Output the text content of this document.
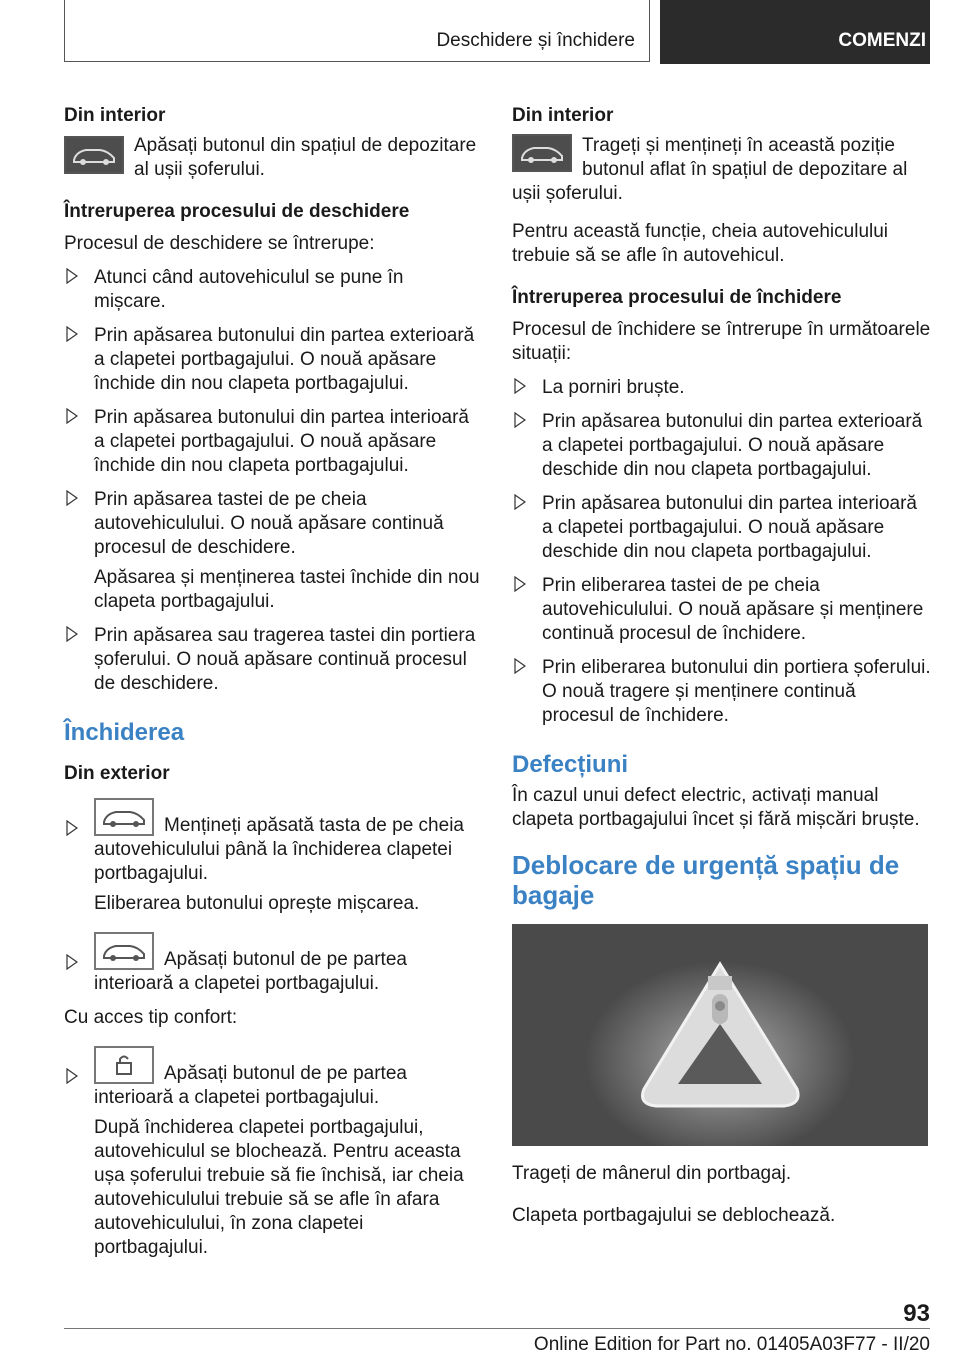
Deschidere și închidere	COMENZI
Din interior
Apăsați butonul din spațiul de depozitare al ușii șoferului.
Întreruperea procesului de deschidere
Procesul de deschidere se întrerupe:
Atunci când autovehiculul se pune în mișcare.
Prin apăsarea butonului din partea exterioară a clapetei portbagajului. O nouă apăsare închide din nou clapeta portbagajului.
Prin apăsarea butonului din partea interioară a clapetei portbagajului. O nouă apăsare închide din nou clapeta portbagajului.
Prin apăsarea tastei de pe cheia autovehiculului. O nouă apăsare continuă procesul de deschidere.
Apăsarea și menținerea tastei închide din nou clapeta portbagajului.
Prin apăsarea sau tragerea tastei din portiera șoferului. O nouă apăsare continuă procesul de deschidere.
Închiderea
Din exterior
Mențineți apăsată tasta de pe cheia autovehiculului până la închiderea clapetei portbagajului.
Eliberarea butonului oprește mișcarea.
Apăsați butonul de pe partea interioară a clapetei portbagajului.
Cu acces tip confort:
Apăsați butonul de pe partea interioară a clapetei portbagajului.
După închiderea clapetei portbagajului, autovehiculul se blochează. Pentru aceasta ușa șoferului trebuie să fie închisă, iar cheia autovehiculului trebuie să se afle în afara autovehiculului, în zona clapetei portbagajului.
Din interior
Trageți și mențineți în această poziție butonul aflat în spațiul de depozitare al ușii șoferului.
Pentru această funcție, cheia autovehiculului trebuie să se afle în autovehicul.
Întreruperea procesului de închidere
Procesul de închidere se întrerupe în următoarele situații:
La porniri bruște.
Prin apăsarea butonului din partea exterioară a clapetei portbagajului. O nouă apăsare deschide din nou clapeta portbagajului.
Prin apăsarea butonului din partea interioară a clapetei portbagajului. O nouă apăsare deschide din nou clapeta portbagajului.
Prin eliberarea tastei de pe cheia autovehiculului. O nouă apăsare și menținere continuă procesul de închidere.
Prin eliberarea butonului din portiera șoferului. O nouă tragere și menținere continuă procesul de închidere.
Defecțiuni
În cazul unui defect electric, activați manual clapeta portbagajului încet și fără mișcări bruște.
Deblocare de urgență spațiu de bagaje
Trageți de mânerul din portbagaj.
Clapeta portbagajului se deblochează.
93
Online Edition for Part no. 01405A03F77 - II/20
